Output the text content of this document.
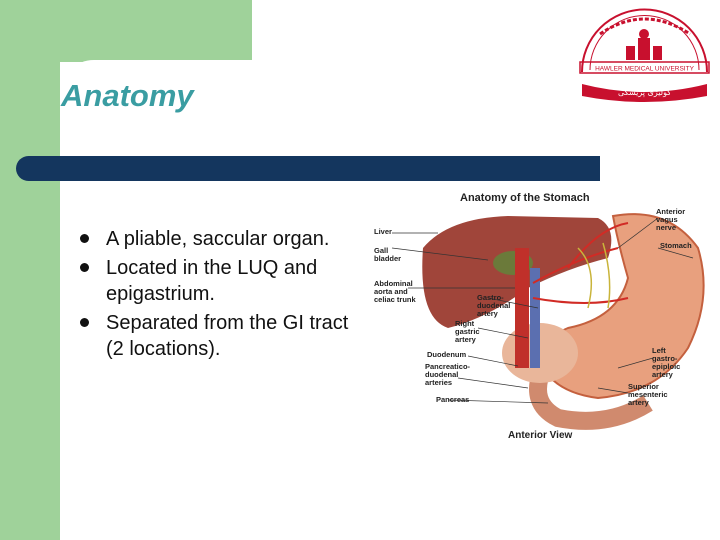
Anatomy
A pliable, saccular organ.
Located in the LUQ and epigastrium.
Separated from the GI tract (2 locations).
HAWLER MEDICAL UNIVERSITY
كوليژى پزيشكى
Anatomy of the Stomach
Anterior View
Liver
Gall
bladder
Abdominal
aorta and
celiac trunk	Gastro-
duodenal
artery
Right
gastric
artery
Duodenum
Pancreatico-
duodenal
arteries
Pancreas
Anterior
vagus
nerve
Stomach
Left
gastro-
epiploic
artery
Superior
mesenteric
artery
